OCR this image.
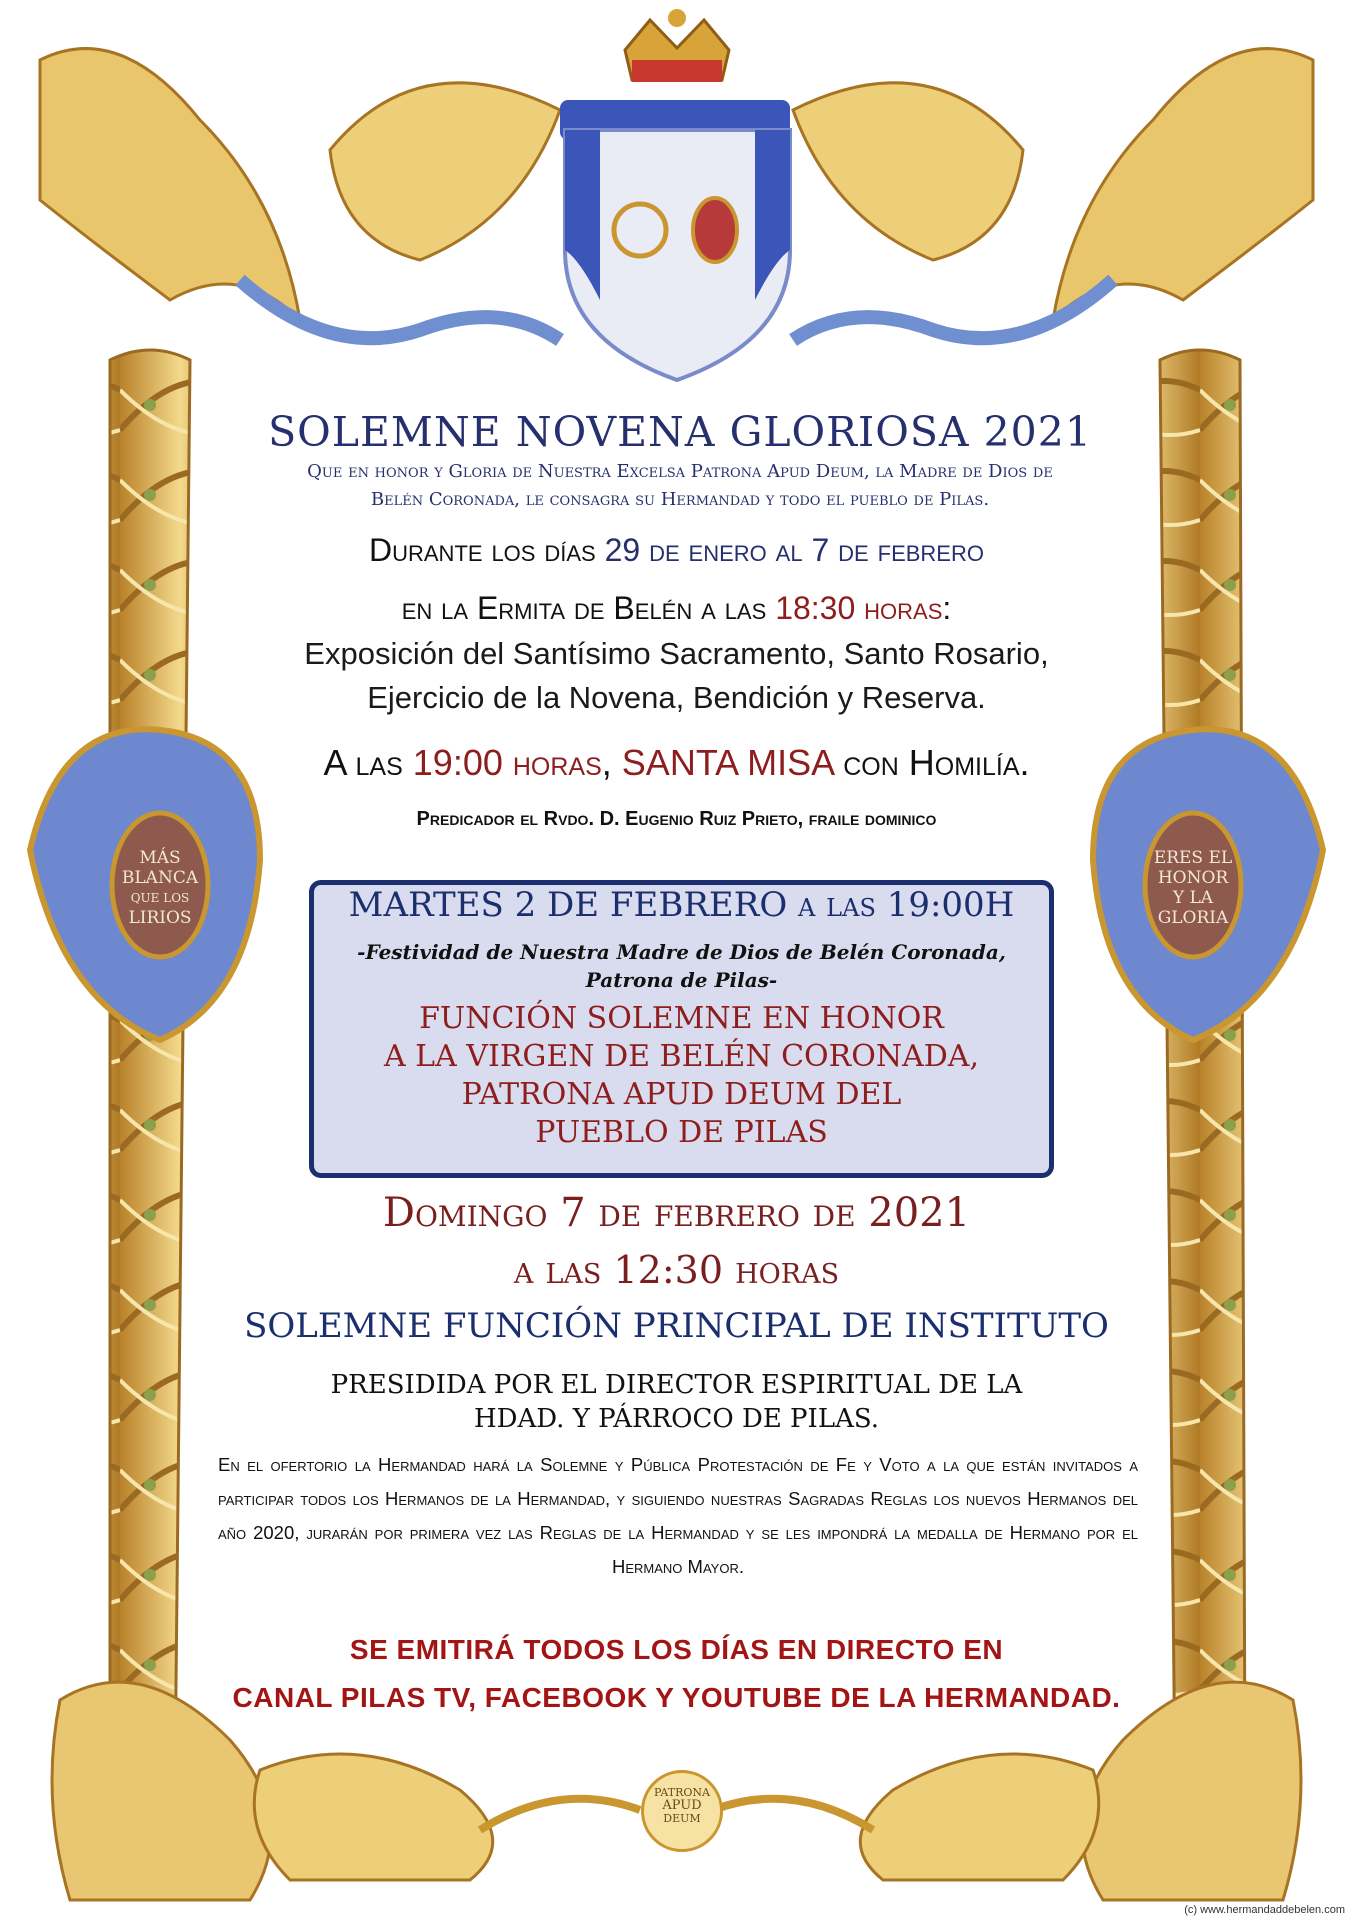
SOLEMNE NOVENA GLORIOSA 2021
Que en honor y Gloria de Nuestra Excelsa Patrona Apud Deum, la Madre de Dios de
Belén Coronada, le consagra su Hermandad y todo el pueblo de Pilas.
Durante los días 29 de enero al 7 de febrero
en la Ermita de Belén a las 18:30 horas:
Exposición del Santísimo Sacramento, Santo Rosario,
Ejercicio de la Novena, Bendición y Reserva.
A las 19:00 horas, SANTA MISA con Homilía.
Predicador el Rvdo. D. Eugenio Ruiz Prieto, fraile dominico
MARTES 2 DE FEBRERO a las 19:00H
-Festividad de Nuestra Madre de Dios de Belén Coronada,
Patrona de Pilas-
FUNCIÓN SOLEMNE EN HONOR
A LA VIRGEN DE BELÉN CORONADA,
PATRONA APUD DEUM DEL
PUEBLO DE PILAS
Domingo 7 de febrero de 2021
a las 12:30 horas
SOLEMNE FUNCIÓN PRINCIPAL DE INSTITUTO
PRESIDIDA POR EL DIRECTOR ESPIRITUAL DE LA
HDAD. Y PÁRROCO DE PILAS.
En el ofertorio la Hermandad hará la Solemne y Pública Protestación de Fe y Voto a la que están invitados a participar todos los Hermanos de la Hermandad, y siguiendo nuestras Sagradas Reglas los nuevos Hermanos del año 2020, jurarán por primera vez las Reglas de la Hermandad y se les impondrá la medalla de Hermano por el Hermano Mayor.
SE EMITIRÁ TODOS LOS DÍAS EN DIRECTO EN
CANAL PILAS TV, FACEBOOK Y YOUTUBE DE LA HERMANDAD.
MÁS
BLANCA
QUE LOS
LIRIOS
ERES EL
HONOR
Y LA
GLORIA
PATRONA
APUD
DEUM
(c) www.hermandaddebelen.com
